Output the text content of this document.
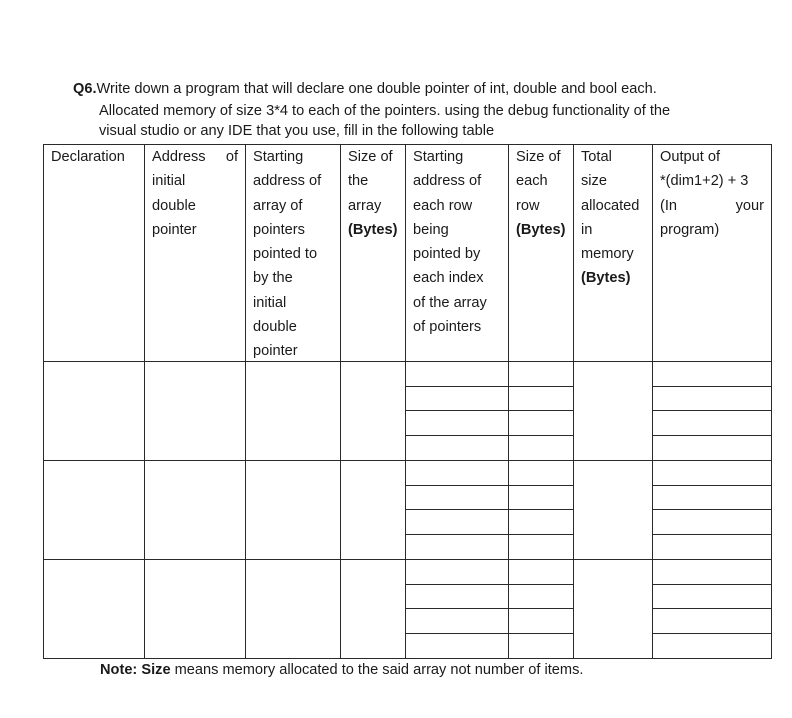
Q6.Write down a program that will declare one double pointer of int, double and bool each.
Allocated memory of size 3*4 to each of the pointers. using the debug functionality of the
visual studio or any IDE that you use, fill in the following table
Declaration Address of
initial
double
pointer
Starting
address of
array of
pointers
pointed to
by the
initial
double
pointer
Size of
the
array
(Bytes)
Starting
address of
each row
being
pointed by
each index
of the array
of pointers
Size of
each
row
(Bytes)
Total
size
allocated
in
memory
(Bytes)
Output of
*(dim1+2) + 3
(In	your
program)
Note: Size means memory allocated to the said array not number of items.
